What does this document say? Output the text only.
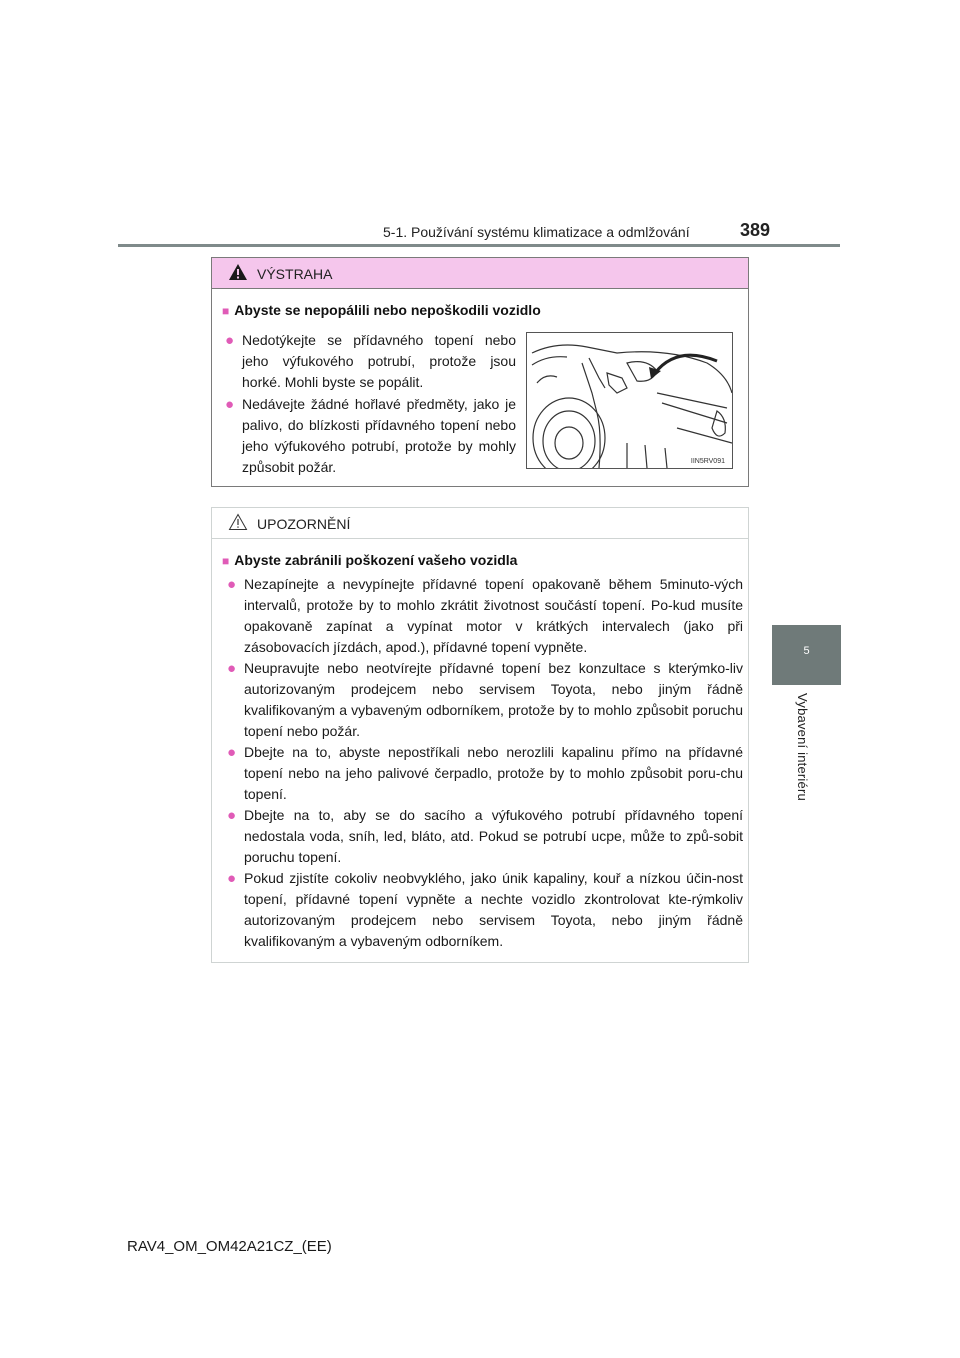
5-1. Používání systému klimatizace a odmlžování	389
5
Vybavení interiéru
VÝSTRAHA
■ Abyste se nepopálili nebo nepoškodili vozidlo
● Nedotýkejte se přídavného topení nebo jeho výfukového potrubí, protože jsou horké. Mohli byste se popálit.
● Nedávejte žádné hořlavé předměty, jako je palivo, do blízkosti přídavného topení nebo jeho výfukového potrubí, protože by mohly způsobit požár.	IIN5RV091
UPOZORNĚNÍ
■ Abyste zabránili poškození vašeho vozidla
● Nezapínejte a nevypínejte přídavné topení opakovaně během 5minuto-vých intervalů, protože by to mohlo zkrátit životnost součástí topení. Po-kud musíte opakovaně zapínat a vypínat motor v krátkých intervalech (jako při zásobovacích jízdách, apod.), přídavné topení vypněte.
● Neupravujte nebo neotvírejte přídavné topení bez konzultace s kterýmko-liv autorizovaným prodejcem nebo servisem Toyota, nebo jiným řádně kvalifikovaným a vybaveným odborníkem, protože by to mohlo způsobit poruchu topení nebo požár.
● Dbejte na to, abyste nepostříkali nebo nerozlili kapalinu přímo na přídavné topení nebo na jeho palivové čerpadlo, protože by to mohlo způsobit poru-chu topení.
● Dbejte na to, aby se do sacího a výfukového potrubí přídavného topení nedostala voda, sníh, led, bláto, atd. Pokud se potrubí ucpe, může to způ-sobit poruchu topení.
● Pokud zjistíte cokoliv neobvyklého, jako únik kapaliny, kouř a nízkou účin-nost topení, přídavné topení vypněte a nechte vozidlo zkontrolovat kte-rýmkoliv autorizovaným prodejcem nebo servisem Toyota, nebo jiným řádně kvalifikovaným a vybaveným odborníkem.
RAV4_OM_OM42A21CZ_(EE)
